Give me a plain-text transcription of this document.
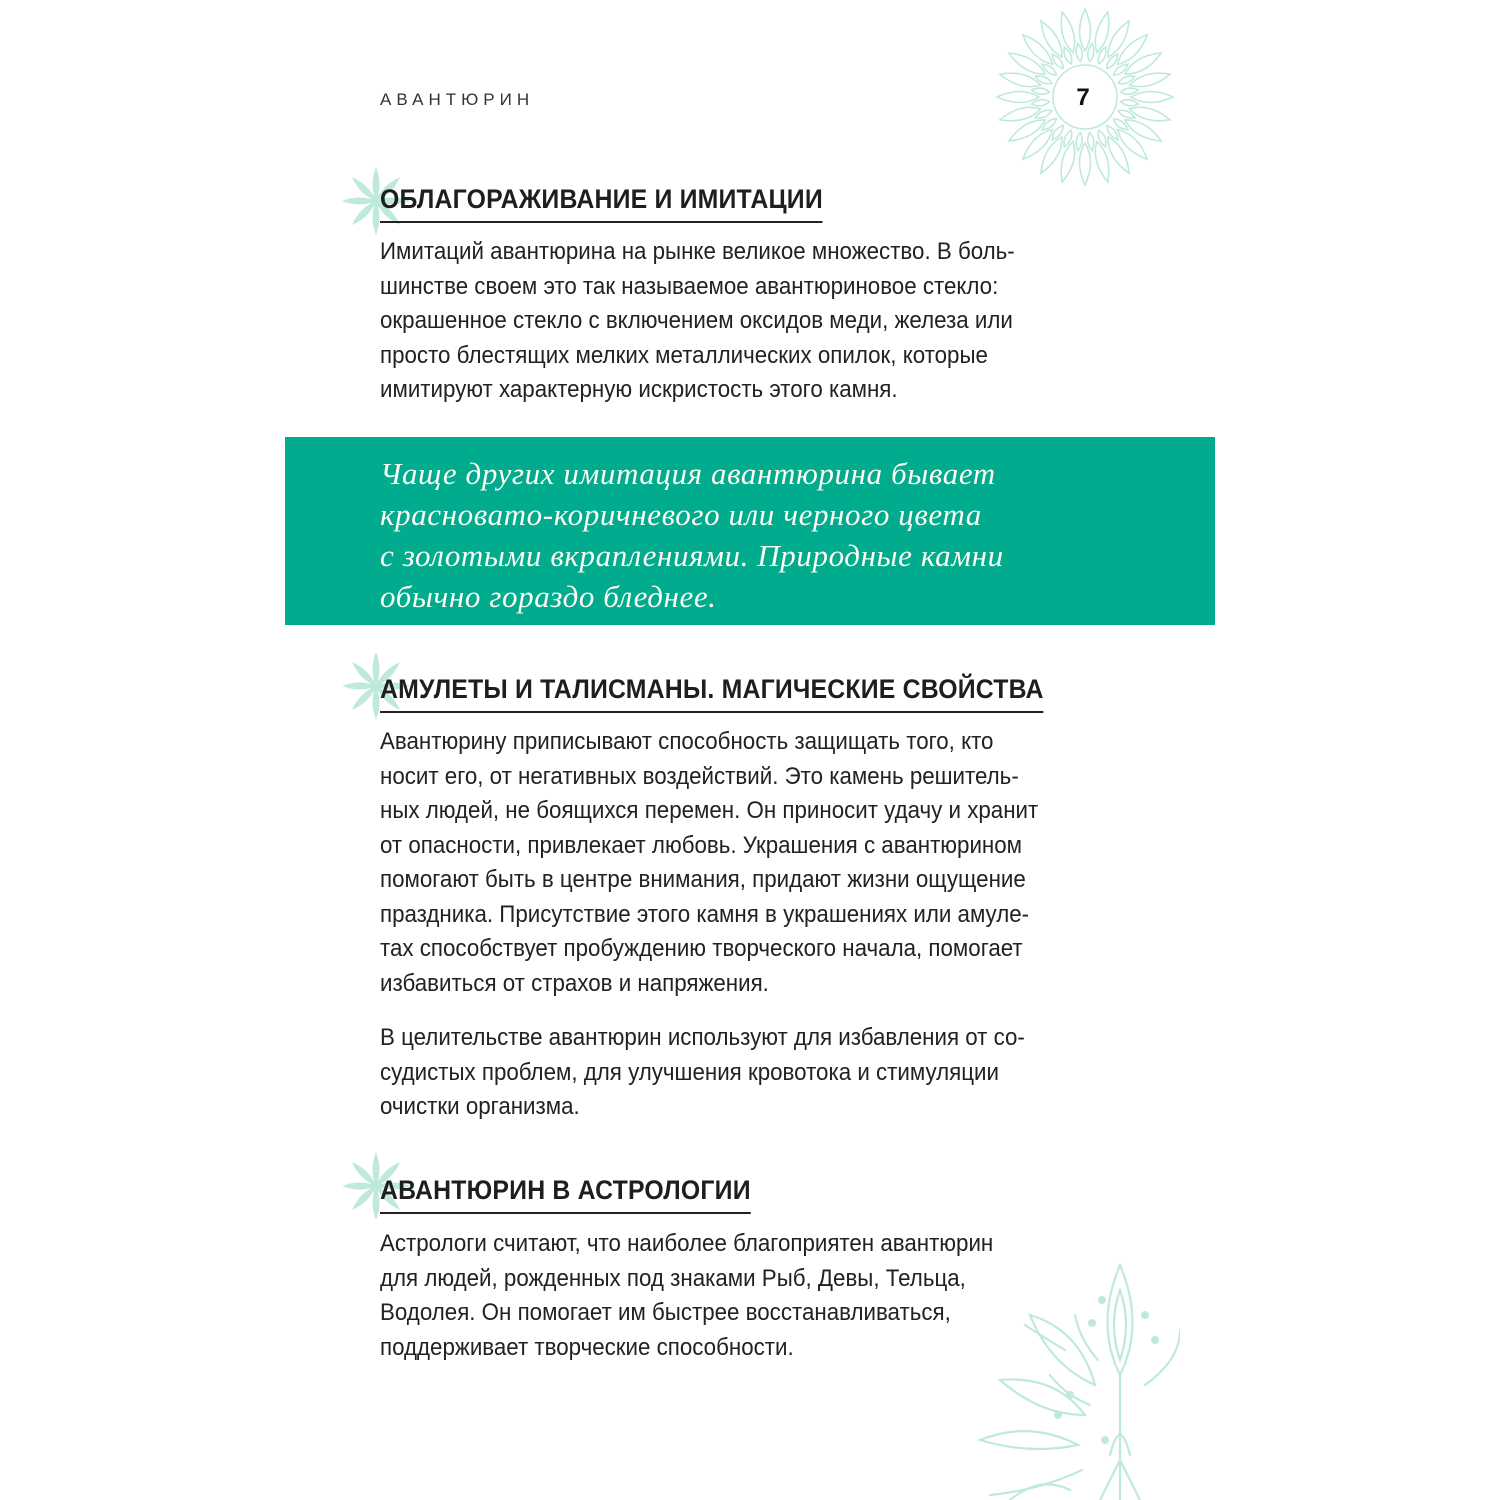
АВАНТЮРИН	7
ОБЛАГОРАЖИВАНИЕ И ИМИТАЦИИ
Имитаций авантюрина на рынке великое множество. В боль-
шинстве своем это так называемое авантюриновое стекло:
окрашенное стекло с включением оксидов меди, железа или
просто блестящих мелких металлических опилок, которые
имитируют характерную искристость этого камня.
Чаще других имитация авантюрина бывает
красновато-коричневого или черного цвета
с золотыми вкраплениями. Природные камни
обычно гораздо бледнее.
АМУЛЕТЫ И ТАЛИСМАНЫ. МАГИЧЕСКИЕ СВОЙСТВА
Авантюрину приписывают способность защищать того, кто
носит его, от негативных воздействий. Это камень решитель-
ных людей, не боящихся перемен. Он приносит удачу и хранит
от опасности, привлекает любовь. Украшения с авантюрином
помогают быть в центре внимания, придают жизни ощущение
праздника. Присутствие этого камня в украшениях или амуле-
тах способствует пробуждению творческого начала, помогает
избавиться от страхов и напряжения.
В целительстве авантюрин используют для избавления от со-
судистых проблем, для улучшения кровотока и стимуляции
очистки организма.
АВАНТЮРИН В АСТРОЛОГИИ
Астрологи считают, что наиболее благоприятен авантюрин
для людей, рожденных под знаками Рыб, Девы, Тельца,
Водолея. Он помогает им быстрее восстанавливаться,
поддерживает творческие способности.
